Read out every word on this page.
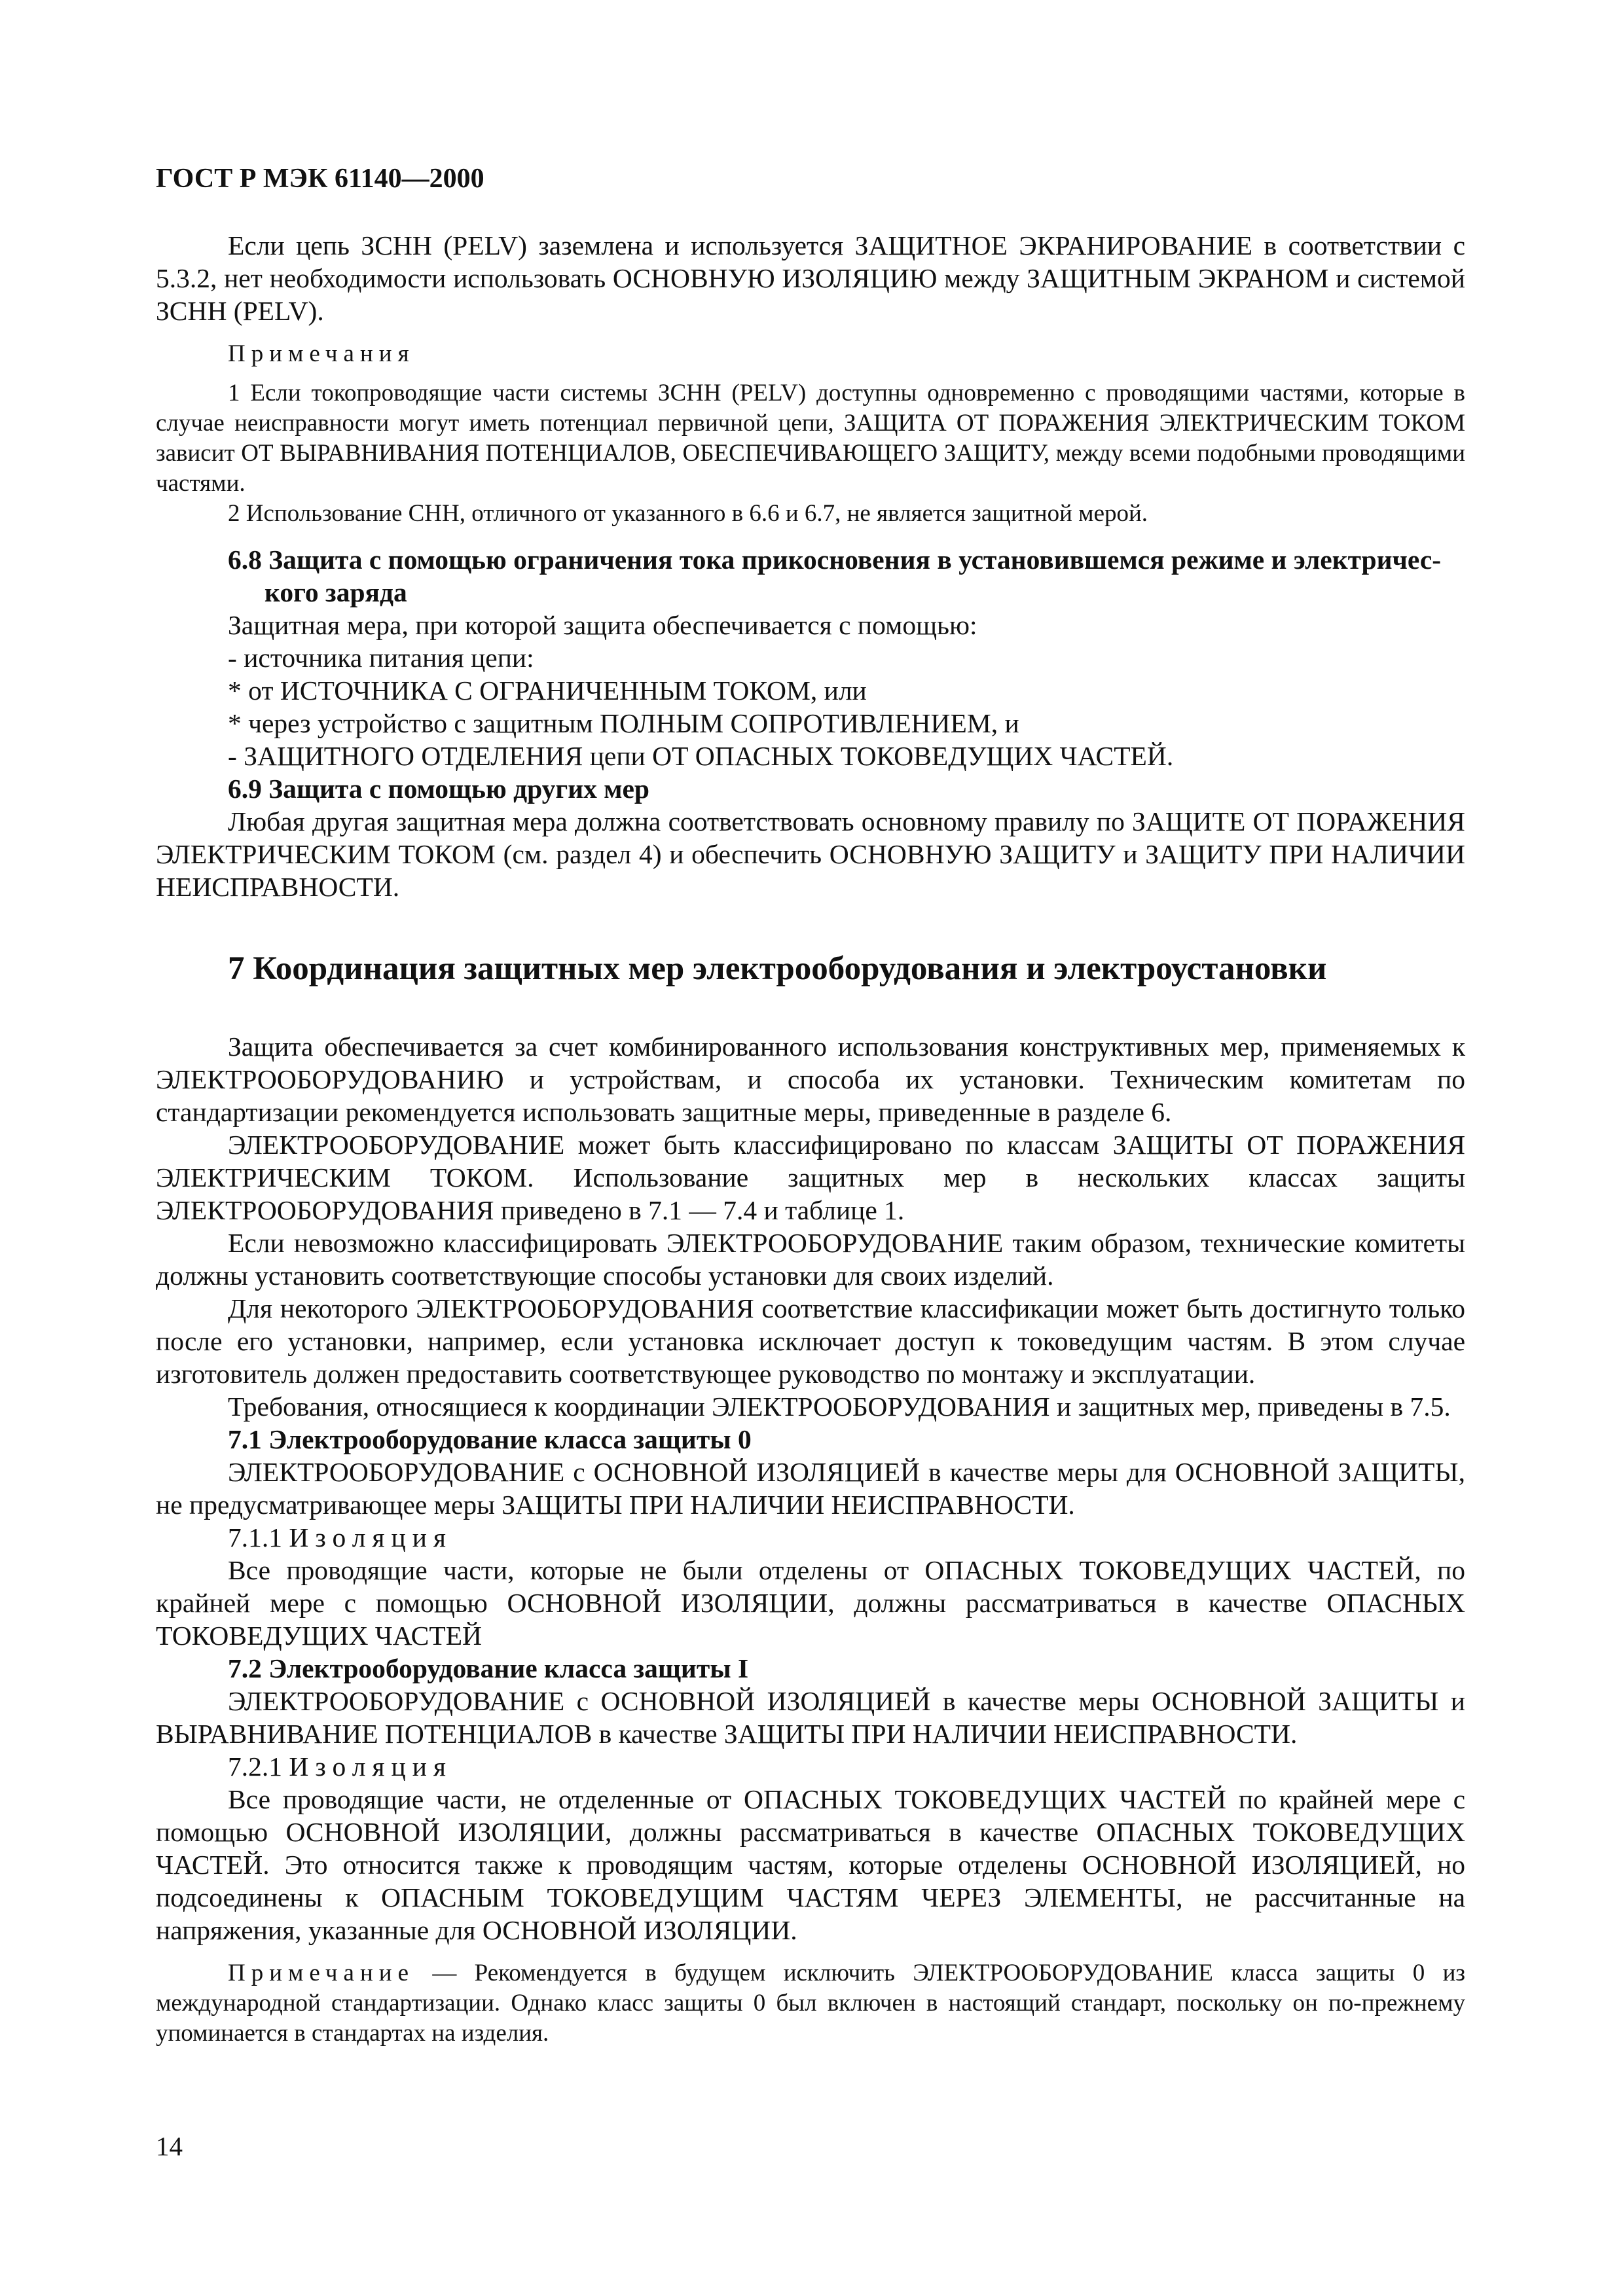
ГОСТ Р МЭК 61140—2000

Если цепь ЗСНН (PELV) заземлена и используется ЗАЩИТНОЕ ЭКРАНИРОВАНИЕ в соответствии с 5.3.2, нет необходимости использовать ОСНОВНУЮ ИЗОЛЯЦИЮ между ЗАЩИТНЫМ ЭКРАНОМ и системой ЗСНН (PELV).

Примечания

1 Если токопроводящие части системы ЗСНН (PELV) доступны одновременно с проводящими частями, которые в случае неисправности могут иметь потенциал первичной цепи, ЗАЩИТА ОТ ПОРАЖЕНИЯ ЭЛЕКТРИЧЕСКИМ ТОКОМ зависит ОТ ВЫРАВНИВАНИЯ ПОТЕНЦИАЛОВ, ОБЕСПЕЧИВАЮЩЕГО ЗАЩИТУ, между всеми подобными проводящими частями.

2 Использование СНН, отличного от указанного в 6.6 и 6.7, не является защитной мерой.

6.8 Защита с помощью ограничения тока прикосновения в установившемся режиме и электричес-

кого заряда

Защитная мера, при которой защита обеспечивается с помощью:

- источника питания цепи:

* от ИСТОЧНИКА С ОГРАНИЧЕННЫМ ТОКОМ, или

* через устройство с защитным ПОЛНЫМ СОПРОТИВЛЕНИЕМ, и

- ЗАЩИТНОГО ОТДЕЛЕНИЯ цепи ОТ ОПАСНЫХ ТОКОВЕДУЩИХ ЧАСТЕЙ.

6.9 Защита с помощью других мер

Любая другая защитная мера должна соответствовать основному правилу по ЗАЩИТЕ ОТ ПОРАЖЕНИЯ ЭЛЕКТРИЧЕСКИМ ТОКОМ (см. раздел 4) и обеспечить ОСНОВНУЮ ЗАЩИТУ и ЗАЩИТУ ПРИ НАЛИЧИИ НЕИСПРАВНОСТИ.

7 Координация защитных мер электрооборудования и электроустановки

Защита обеспечивается за счет комбинированного использования конструктивных мер, применяемых к ЭЛЕКТРООБОРУДОВАНИЮ и устройствам, и способа их установки. Техническим комитетам по стандартизации рекомендуется использовать защитные меры, приведенные в разделе 6.

ЭЛЕКТРООБОРУДОВАНИЕ может быть классифицировано по классам ЗАЩИТЫ ОТ ПОРАЖЕНИЯ ЭЛЕКТРИЧЕСКИМ ТОКОМ. Использование защитных мер в нескольких классах защиты ЭЛЕКТРООБОРУДОВАНИЯ приведено в 7.1 — 7.4 и таблице 1.

Если невозможно классифицировать ЭЛЕКТРООБОРУДОВАНИЕ таким образом, технические комитеты должны установить соответствующие способы установки для своих изделий.

Для некоторого ЭЛЕКТРООБОРУДОВАНИЯ соответствие классификации может быть достигнуто только после его установки, например, если установка исключает доступ к токоведущим частям. В этом случае изготовитель должен предоставить соответствующее руководство по монтажу и эксплуатации.

Требования, относящиеся к координации ЭЛЕКТРООБОРУДОВАНИЯ и защитных мер, приведены в 7.5.

7.1 Электрооборудование класса защиты 0

ЭЛЕКТРООБОРУДОВАНИЕ с ОСНОВНОЙ ИЗОЛЯЦИЕЙ в качестве меры для ОСНОВНОЙ ЗАЩИТЫ, не предусматривающее меры ЗАЩИТЫ ПРИ НАЛИЧИИ НЕИСПРАВНОСТИ.

7.1.1 Изоляция

Все проводящие части, которые не были отделены от ОПАСНЫХ ТОКОВЕДУЩИХ ЧАСТЕЙ, по крайней мере с помощью ОСНОВНОЙ ИЗОЛЯЦИИ, должны рассматриваться в качестве ОПАСНЫХ ТОКОВЕДУЩИХ ЧАСТЕЙ

7.2 Электрооборудование класса защиты I

ЭЛЕКТРООБОРУДОВАНИЕ с ОСНОВНОЙ ИЗОЛЯЦИЕЙ в качестве меры ОСНОВНОЙ ЗАЩИТЫ и ВЫРАВНИВАНИЕ ПОТЕНЦИАЛОВ в качестве ЗАЩИТЫ ПРИ НАЛИЧИИ НЕИСПРАВНОСТИ.

7.2.1 Изоляция

Все проводящие части, не отделенные от ОПАСНЫХ ТОКОВЕДУЩИХ ЧАСТЕЙ по крайней мере с помощью ОСНОВНОЙ ИЗОЛЯЦИИ, должны рассматриваться в качестве ОПАСНЫХ ТОКОВЕДУЩИХ ЧАСТЕЙ. Это относится также к проводящим частям, которые отделены ОСНОВНОЙ ИЗОЛЯЦИЕЙ, но подсоединены к ОПАСНЫМ ТОКОВЕДУЩИМ ЧАСТЯМ ЧЕРЕЗ ЭЛЕМЕНТЫ, не рассчитанные на напряжения, указанные для ОСНОВНОЙ ИЗОЛЯЦИИ.

Примечание — Рекомендуется в будущем исключить ЭЛЕКТРООБОРУДОВАНИЕ класса защиты 0 из международной стандартизации. Однако класс защиты 0 был включен в настоящий стандарт, поскольку он по-прежнему упоминается в стандартах на изделия.

14
